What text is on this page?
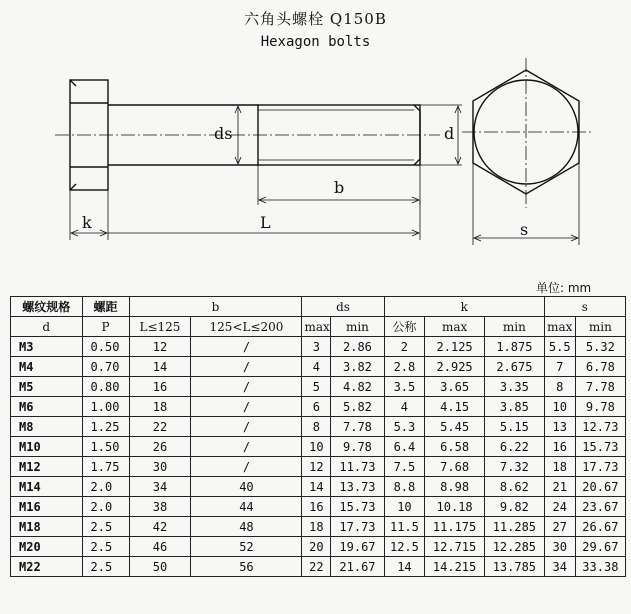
六角头螺栓 Q150B
Hexagon bolts
ds	d
b
k	L	s
单位: mm
螺纹规格	螺距	b		ds		k			s	
d	P	L≤125	125<L≤200	max	min	公称	max	min	max	min
M3	0.50	12	/	3	2.86	2	2.125	1.875	5.5	5.32
M4	0.70	14	/	4	3.82	2.8	2.925	2.675	7	6.78
M5	0.80	16	/	5	4.82	3.5	3.65	3.35	8	7.78
M6	1.00	18	/	6	5.82	4	4.15	3.85	10	9.78
M8	1.25	22	/	8	7.78	5.3	5.45	5.15	13	12.73
M10	1.50	26	/	10	9.78	6.4	6.58	6.22	16	15.73
M12	1.75	30	/	12	11.73	7.5	7.68	7.32	18	17.73
M14	2.0	34	40	14	13.73	8.8	8.98	8.62	21	20.67
M16	2.0	38	44	16	15.73	10	10.18	9.82	24	23.67
M18	2.5	42	48	18	17.73	11.5	11.175	11.285	27	26.67
M20	2.5	46	52	20	19.67	12.5	12.715	12.285	30	29.67
M22	2.5	50	56	22	21.67	14	14.215	13.785	34	33.38
